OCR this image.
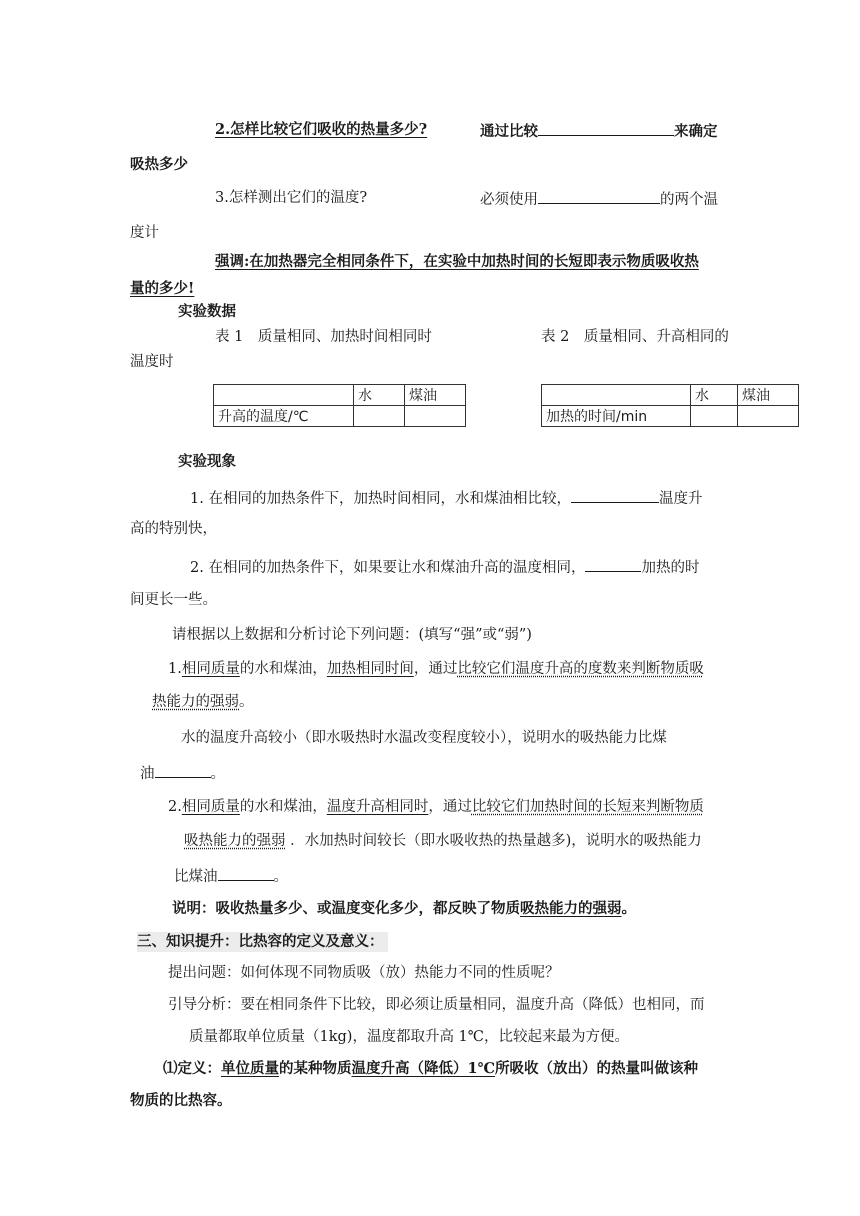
2.怎样比较它们吸收的热量多少?	通过比较	来确定
吸热多少
3.怎样测出它们的温度?	必须使用	的两个温
度计
强调:在加热器完全相同条件下，在实验中加热时间的长短即表示物质吸收热
量的多少!
实验数据
表 1　质量相同、加热时间相同时	表 2　质量相同、升高相同的
温度时
	水	煤油
升高的温度/℃		
	水	煤油
加热的时间/min		
实验现象
1. 在相同的加热条件下，加热时间相同，水和煤油相比较，	温度升
高的特别快，
2. 在相同的加热条件下，如果要让水和煤油升高的温度相同，	加热的时
间更长一些。
请根据以上数据和分析讨论下列问题：(填写“强”或“弱”)
1.相同质量的水和煤油，加热相同时间，通过比较它们温度升高的度数来判断物质吸
热能力的强弱。
水的温度升高较小（即水吸热时水温改变程度较小），说明水的吸热能力比煤
油	。
2.相同质量的水和煤油，温度升高相同时，通过比较它们加热时间的长短来判断物质
吸热能力的强弱 ．水加热时间较长（即水吸收热的热量越多)，说明水的吸热能力
比煤油	。
说明：吸收热量多少、或温度变化多少，都反映了物质吸热能力的强弱。
三、知识提升：比热容的定义及意义：
提出问题：如何体现不同物质吸（放）热能力不同的性质呢？
引导分析：要在相同条件下比较，即必须让质量相同，温度升高（降低）也相同，而
质量都取单位质量（1kg)，温度都取升高 1℃，比较起来最为方便。
⑴定义：单位质量的某种物质温度升高（降低）1℃所吸收（放出）的热量叫做该种
物质的比热容。
